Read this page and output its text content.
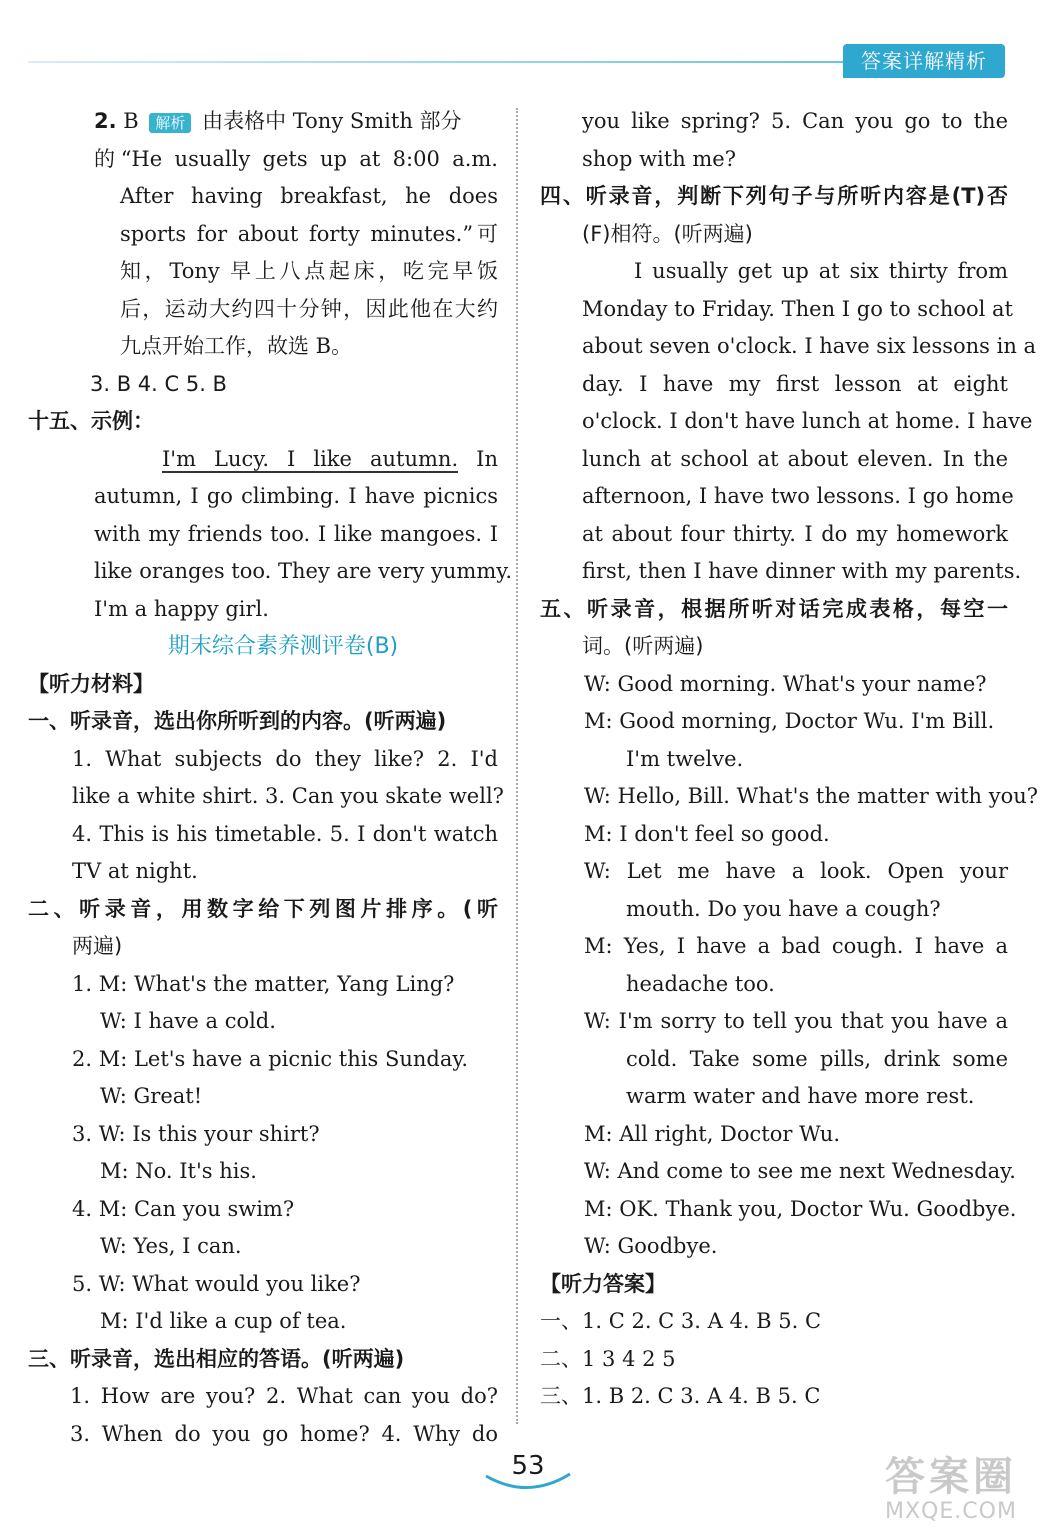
答案详解精析
2. B 解析 由表格中 Tony Smith 部分
的“He usually gets up at 8:00 a.m.
After having breakfast, he does
sports for about forty minutes.”可
知，Tony 早上八点起床，吃完早饭
后，运动大约四十分钟，因此他在大约
九点开始工作，故选 B。
3. B 4. C 5. B
十五、示例：
I'm Lucy. I like autumn. In
autumn, I go climbing. I have picnics
with my friends too. I like mangoes. I
like oranges too. They are very yummy.
I'm a happy girl.
期末综合素养测评卷(B)
【听力材料】
一、听录音，选出你所听到的内容。(听两遍)
1. What subjects do they like? 2. I'd
like a white shirt. 3. Can you skate well?
4. This is his timetable. 5. I don't watch
TV at night.
二、听录音，用数字给下列图片排序。(听
两遍)
1. M: What's the matter, Yang Ling?
W: I have a cold.
2. M: Let's have a picnic this Sunday.
W: Great!
3. W: Is this your shirt?
M: No. It's his.
4. M: Can you swim?
W: Yes, I can.
5. W: What would you like?
M: I'd like a cup of tea.
三、听录音，选出相应的答语。(听两遍)
1. How are you? 2. What can you do?
3. When do you go home? 4. Why do
you like spring? 5. Can you go to the
shop with me?
四、听录音，判断下列句子与所听内容是(T)否
(F)相符。(听两遍)
I usually get up at six thirty from
Monday to Friday. Then I go to school at
about seven o'clock. I have six lessons in a
day. I have my first lesson at eight
o'clock. I don't have lunch at home. I have
lunch at school at about eleven. In the
afternoon, I have two lessons. I go home
at about four thirty. I do my homework
first, then I have dinner with my parents.
五、听录音，根据所听对话完成表格，每空一
词。(听两遍)
W: Good morning. What's your name?
M: Good morning, Doctor Wu. I'm Bill.
I'm twelve.
W: Hello, Bill. What's the matter with you?
M: I don't feel so good.
W: Let me have a look. Open your
mouth. Do you have a cough?
M: Yes, I have a bad cough. I have a
headache too.
W: I'm sorry to tell you that you have a
cold. Take some pills, drink some
warm water and have more rest.
M: All right, Doctor Wu.
W: And come to see me next Wednesday.
M: OK. Thank you, Doctor Wu. Goodbye.
W: Goodbye.
【听力答案】
一、1. C 2. C 3. A 4. B 5. C
二、1 3 4 2 5
三、1. B 2. C 3. A 4. B 5. C
53	答案圈
MXQE.COM
